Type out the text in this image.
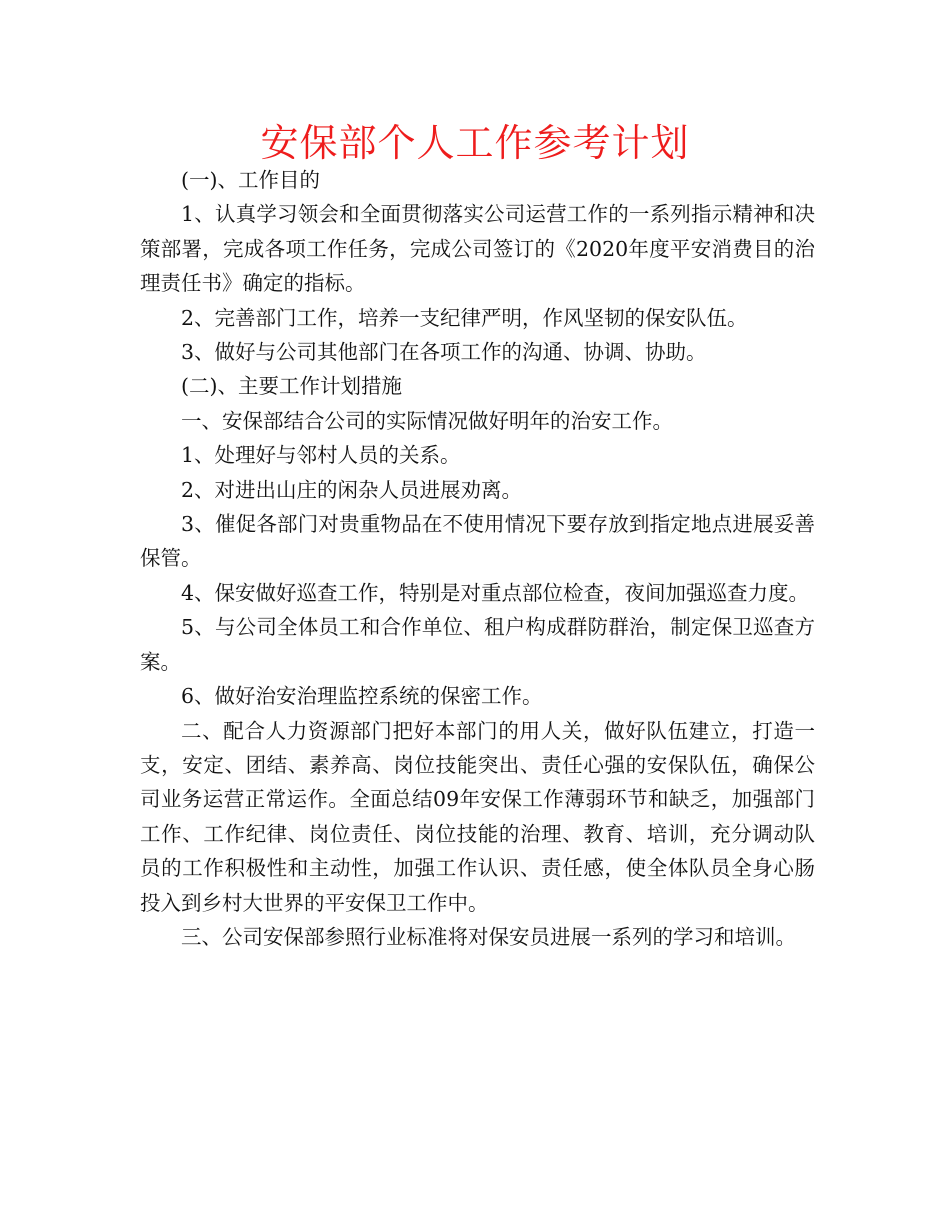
安保部个人工作参考计划

(一)、工作目的

1、认真学习领会和全面贯彻落实公司运营工作的一系列指示精神和决策部署，完成各项工作任务，完成公司签订的《2020年度平安消费目的治理责任书》确定的指标。

2、完善部门工作，培养一支纪律严明，作风坚韧的保安队伍。

3、做好与公司其他部门在各项工作的沟通、协调、协助。

(二)、主要工作计划措施

一、安保部结合公司的实际情况做好明年的治安工作。

1、处理好与邻村人员的关系。

2、对进出山庄的闲杂人员进展劝离。

3、催促各部门对贵重物品在不使用情况下要存放到指定地点进展妥善保管。

4、保安做好巡查工作，特别是对重点部位检查，夜间加强巡查力度。

5、与公司全体员工和合作单位、租户构成群防群治，制定保卫巡查方案。

6、做好治安治理监控系统的保密工作。

二、配合人力资源部门把好本部门的用人关，做好队伍建立，打造一支，安定、团结、素养高、岗位技能突出、责任心强的安保队伍，确保公司业务运营正常运作。全面总结09年安保工作薄弱环节和缺乏，加强部门工作、工作纪律、岗位责任、岗位技能的治理、教育、培训，充分调动队员的工作积极性和主动性，加强工作认识、责任感，使全体队员全身心肠投入到乡村大世界的平安保卫工作中。

三、公司安保部参照行业标准将对保安员进展一系列的学习和培训。
